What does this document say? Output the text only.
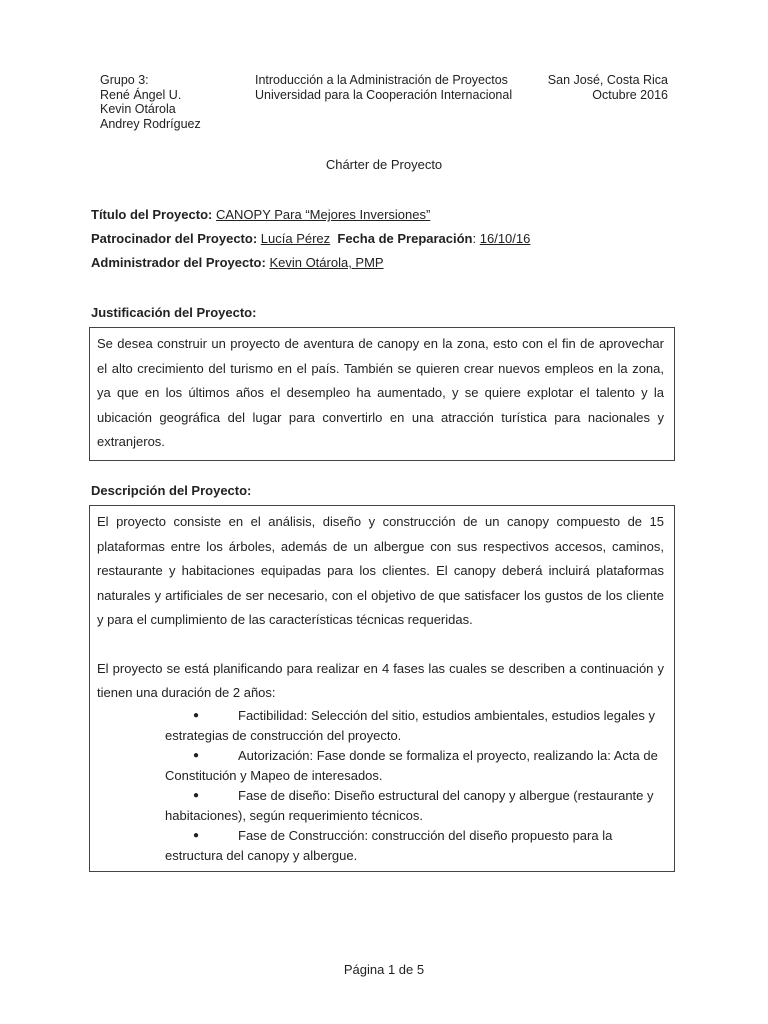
Grupo 3:
René Ángel U.
Kevin Otárola
Andrey Rodríguez
Introducción a la Administración de Proyectos
Universidad para la Cooperación Internacional
San José, Costa Rica
Octubre 2016
Chárter de Proyecto
Título del Proyecto: CANOPY Para “Mejores Inversiones”
Patrocinador del Proyecto: Lucía Pérez Fecha de Preparación: 16/10/16
Administrador del Proyecto: Kevin Otárola, PMP
Justificación del Proyecto:

Se desea construir un proyecto de aventura de canopy en la zona, esto con el fin de aprovechar el alto crecimiento del turismo en el país. También se quieren crear nuevos empleos en la zona, ya que en los últimos años el desempleo ha aumentado, y se quiere explotar el talento y la ubicación geográfica del lugar para convertirlo en una atracción turística para nacionales y extranjeros.

Descripción del Proyecto:

El proyecto consiste en el análisis, diseño y construcción de un canopy compuesto de 15 plataformas entre los árboles, además de un albergue con sus respectivos accesos, caminos, restaurante y habitaciones equipadas para los clientes. El canopy deberá incluirá plataformas naturales y artificiales de ser necesario, con el objetivo de que satisfacer los gustos de los cliente y para el cumplimiento de las características técnicas requeridas.

El proyecto se está planificando para realizar en 4 fases las cuales se describen a continuación y tienen una duración de 2 años:

●	Factibilidad: Selección del sitio, estudios ambientales, estudios legales y estrategias de construcción del proyecto.
●	Autorización: Fase donde se formaliza el proyecto, realizando la: Acta de Constitución y Mapeo de interesados.
●	Fase de diseño: Diseño estructural del canopy y albergue (restaurante y habitaciones), según requerimiento técnicos.
●	Fase de Construcción: construcción del diseño propuesto para la estructura del canopy y albergue.
Página 1 de 5
